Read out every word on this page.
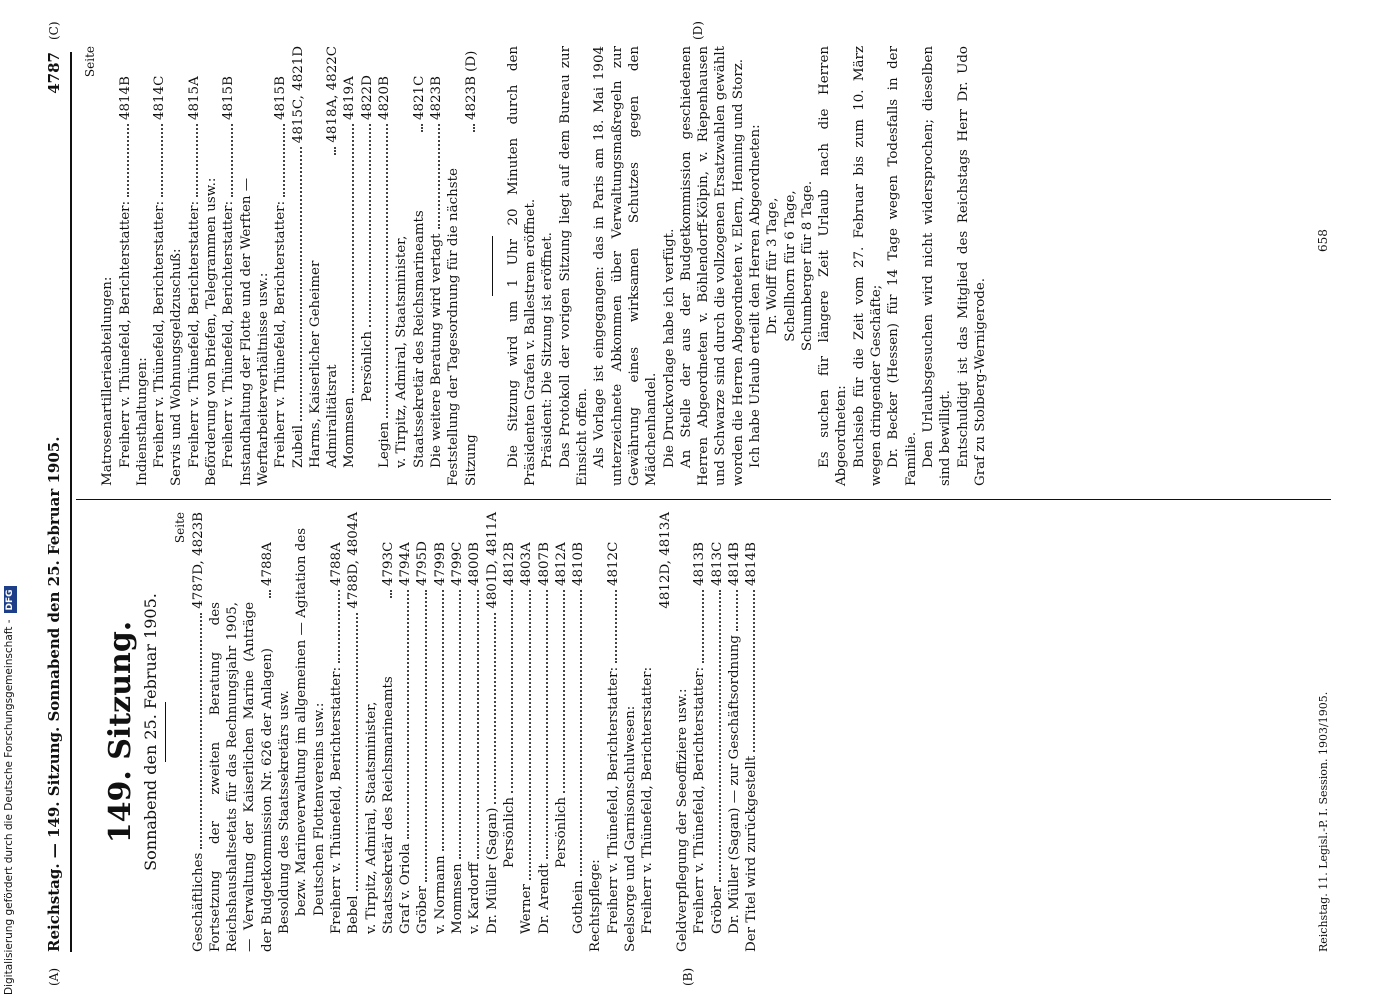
Reichstag. — 149. Sitzung. Sonnabend den 25. Februar 1905.
4787
(A)	(B)
(C)
149. Sitzung. Sonnabend den 25. Februar 1905.
Seite
Geschäftliches
4787D, 4823B
Fortsetzung der zweiten Beratung des Reichshaushaltsetats für das Rechnungsjahr 1905, — Verwaltung der Kaiserlichen Marine (Anträge der Budgetkommission Nr. 626 der Anlagen)
4788A
Besoldung des Staatssekretärs usw. bezw. Marineverwaltung im allgemeinen — Agitation des Deutschen Flottenvereins usw.: Freiherr v. Thünefeld, Berichterstatter:
4788A
Bebel
4788D, 4804A
v. Tirpitz, Admiral, Staatsminister, Staatssekretär des Reichsmarineamts
4793C
Graf v. Oriola
4794A
Gröber
4795D
v. Normann
4799B
Mommsen
4799C
v. Kardorff
4800B
Dr. Müller (Sagan)
4801D, 4811A
Persönlich
4812B
Werner
4803A
Dr. Arendt
4807B
Persönlich
4812A
Gothein
4810B
Rechtspflege: Freiherr v. Thünefeld, Berichterstatter:
4812C
Seelsorge und Garnisonschulwesen: Freiherr v. Thünefeld, Berichterstatter:
4812D, 4813A
Geldverpflegung der Seeoffiziere usw.: Freiherr v. Thünefeld, Berichterstatter:
4813B
Gröber
4813C
Dr. Müller (Sagan) — zur Geschäftsordnung
4814B
Der Titel wird zurückgestellt
4814B
Seite
Matrosenartillerieabteilungen: Freiherr v. Thünefeld, Berichterstatter:
4814B
Indiensthaltungen: Freiherr v. Thünefeld, Berichterstatter:
4814C
Servis und Wohnungsgeldzuschuß: Freiherr v. Thünefeld, Berichterstatter:
4815A
Beförderung von Briefen, Telegrammen usw.: Freiherr v. Thünefeld, Berichterstatter:
4815B
Instandhaltung der Flotte und der Werften — Werftarbeiterverhältnisse usw.: Freiherr v. Thünefeld, Berichterstatter:
4815B
Zubeil
4815C, 4821D
Harms, Kaiserlicher Geheimer Admiralitätsrat
4818A, 4822C
Mommsen
4819A
Persönlich
4822D
Legien
4820B
v. Tirpitz, Admiral, Staatsminister, Staatssekretär des Reichsmarineamts
4821C
Die weitere Beratung wird vertagt
4823B
Feststellung der Tagesordnung für die nächste Sitzung
4823B (D) Die Sitzung wird um 1 Uhr 20 Minuten durch den Präsidenten Grafen v. Ballestrem eröffnet. Präsident: Die Sitzung ist eröffnet. Das Protokoll der vorigen Sitzung liegt auf dem Bureau zur Einsicht offen. Als Vorlage ist eingegangen: das in Paris am 18. Mai 1904 unterzeichnete Abkommen über Verwaltungsmaßregeln zur Gewährung eines wirksamen Schutzes gegen den Mädchenhandel. Die Druckvorlage habe ich verfügt. An Stelle der aus der Budgetkommission geschiedenen Herren Abgeordneten v. Böhlendorff-Kölpin, v. Riepenhausen und Schwarze sind durch die vollzogenen Ersatzwahlen gewählt worden die Herren Abgeordneten v. Elern, Henning und Storz. Ich habe Urlaub erteilt den Herren Abgeordneten: Dr. Wolff für 3 Tage, Schellhorn für 6 Tage, Schumberger für 8 Tage. Es suchen für längere Zeit Urlaub nach die Herren Abgeordneten: Buchsieb für die Zeit vom 27. Februar bis zum 10. März wegen dringender Geschäfte; Dr. Becker (Hessen) für 14 Tage wegen Todesfalls in der Familie. Den Urlaubsgesuchen wird nicht widersprochen; dieselben sind bewilligt. Entschuldigt ist das Mitglied des Reichstags Herr Dr. Udo Graf zu Stolberg-Wernigerode.
(D)
Reichstag. 11. Legisl.-P. I. Session. 1903/1905.
658
Digitalisierung gefördert durch die Deutsche Forschungsgemeinschaft -DFG
